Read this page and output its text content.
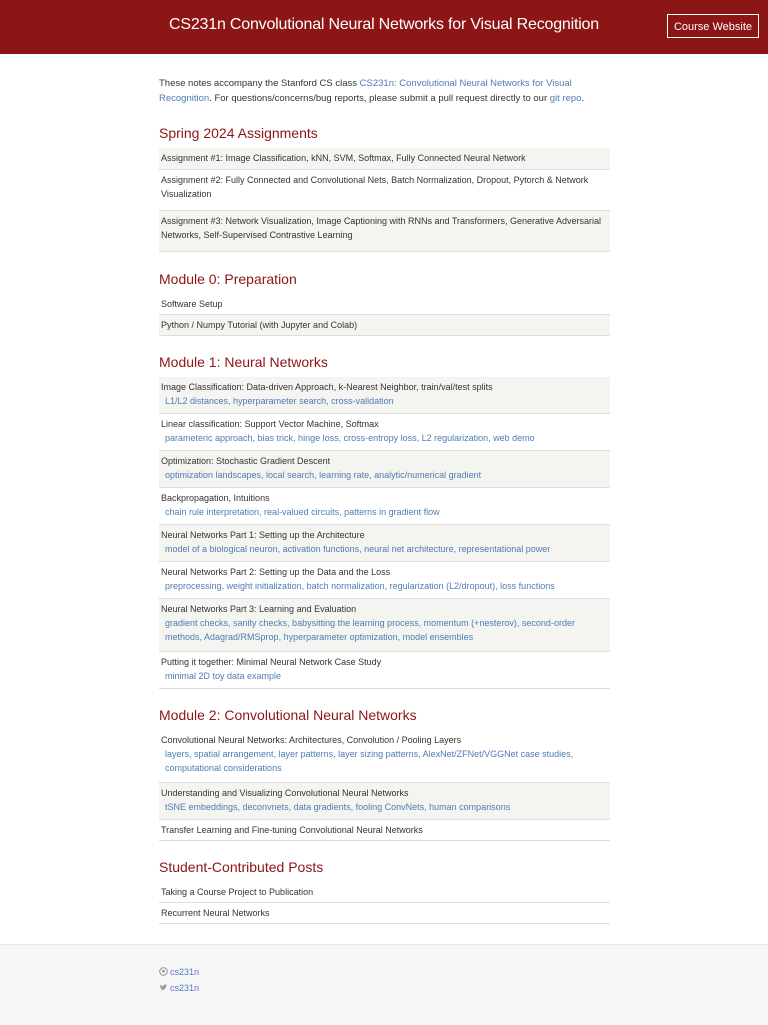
CS231n Convolutional Neural Networks for Visual Recognition	Course Website

These notes accompany the Stanford CS class CS231n: Convolutional Neural Networks for Visual Recognition. For questions/concerns/bug reports, please submit a pull request directly to our git repo.

Spring 2024 Assignments
Assignment #1: Image Classification, kNN, SVM, Softmax, Fully Connected Neural Network
Assignment #2: Fully Connected and Convolutional Nets, Batch Normalization, Dropout, Pytorch & Network Visualization
Assignment #3: Network Visualization, Image Captioning with RNNs and Transformers, Generative Adversarial Networks, Self-Supervised Contrastive Learning
Module 0: Preparation
Software Setup
Python / Numpy Tutorial (with Jupyter and Colab)
Module 1: Neural Networks
Image Classification: Data-driven Approach, k-Nearest Neighbor, train/val/test splits
L1/L2 distances, hyperparameter search, cross-validation
Linear classification: Support Vector Machine, Softmax
parameteric approach, bias trick, hinge loss, cross-entropy loss, L2 regularization, web demo
Optimization: Stochastic Gradient Descent
optimization landscapes, local search, learning rate, analytic/numerical gradient
Backpropagation, Intuitions
chain rule interpretation, real-valued circuits, patterns in gradient flow
Neural Networks Part 1: Setting up the Architecture
model of a biological neuron, activation functions, neural net architecture, representational power
Neural Networks Part 2: Setting up the Data and the Loss
preprocessing, weight initialization, batch normalization, regularization (L2/dropout), loss functions
Neural Networks Part 3: Learning and Evaluation
gradient checks, sanity checks, babysitting the learning process, momentum (+nesterov), second-order methods, Adagrad/RMSprop, hyperparameter optimization, model ensembles
Putting it together: Minimal Neural Network Case Study
minimal 2D toy data example
Module 2: Convolutional Neural Networks
Convolutional Neural Networks: Architectures, Convolution / Pooling Layers
layers, spatial arrangement, layer patterns, layer sizing patterns, AlexNet/ZFNet/VGGNet case studies, computational considerations
Understanding and Visualizing Convolutional Neural Networks
tSNE embeddings, deconvnets, data gradients, fooling ConvNets, human comparisons
Transfer Learning and Fine-tuning Convolutional Neural Networks
Student-Contributed Posts
Taking a Course Project to Publication
Recurrent Neural Networks
cs231n
cs231n
